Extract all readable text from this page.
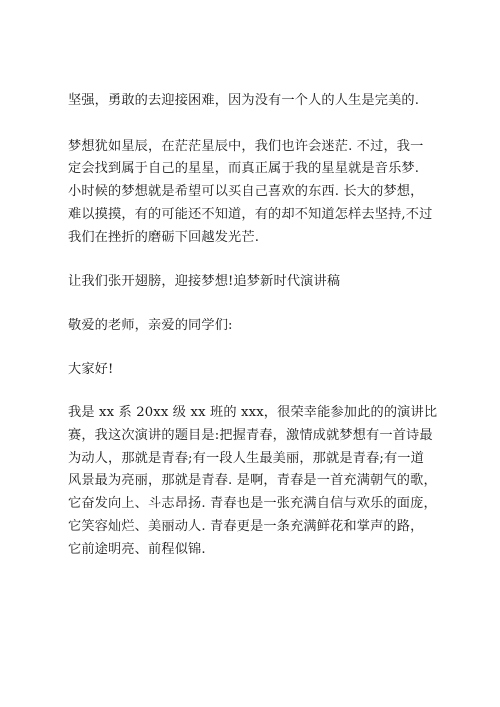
坚强，勇敢的去迎接困难，因为没有一个人的人生是完美的.

梦想犹如星辰，在茫茫星辰中，我们也许会迷茫. 不过，我一
定会找到属于自己的星星，而真正属于我的星星就是音乐梦.
小时候的梦想就是希望可以买自己喜欢的东西. 长大的梦想，
难以摸摸，有的可能还不知道，有的却不知道怎样去坚持,不过
我们在挫折的磨砺下回越发光芒.

让我们张开翅膀，迎接梦想!追梦新时代演讲稿

敬爱的老师，亲爱的同学们:

大家好!

我是 xx 系 20xx 级 xx 班的 xxx，很荣幸能参加此的的演讲比
赛，我这次演讲的题目是:把握青春，激情成就梦想有一首诗最
为动人，那就是青春;有一段人生最美丽，那就是青春;有一道
风景最为亮丽，那就是青春. 是啊，青春是一首充满朝气的歌，
它奋发向上、斗志昂扬. 青春也是一张充满自信与欢乐的面庞，
它笑容灿烂、美丽动人. 青春更是一条充满鲜花和掌声的路，
它前途明亮、前程似锦.
